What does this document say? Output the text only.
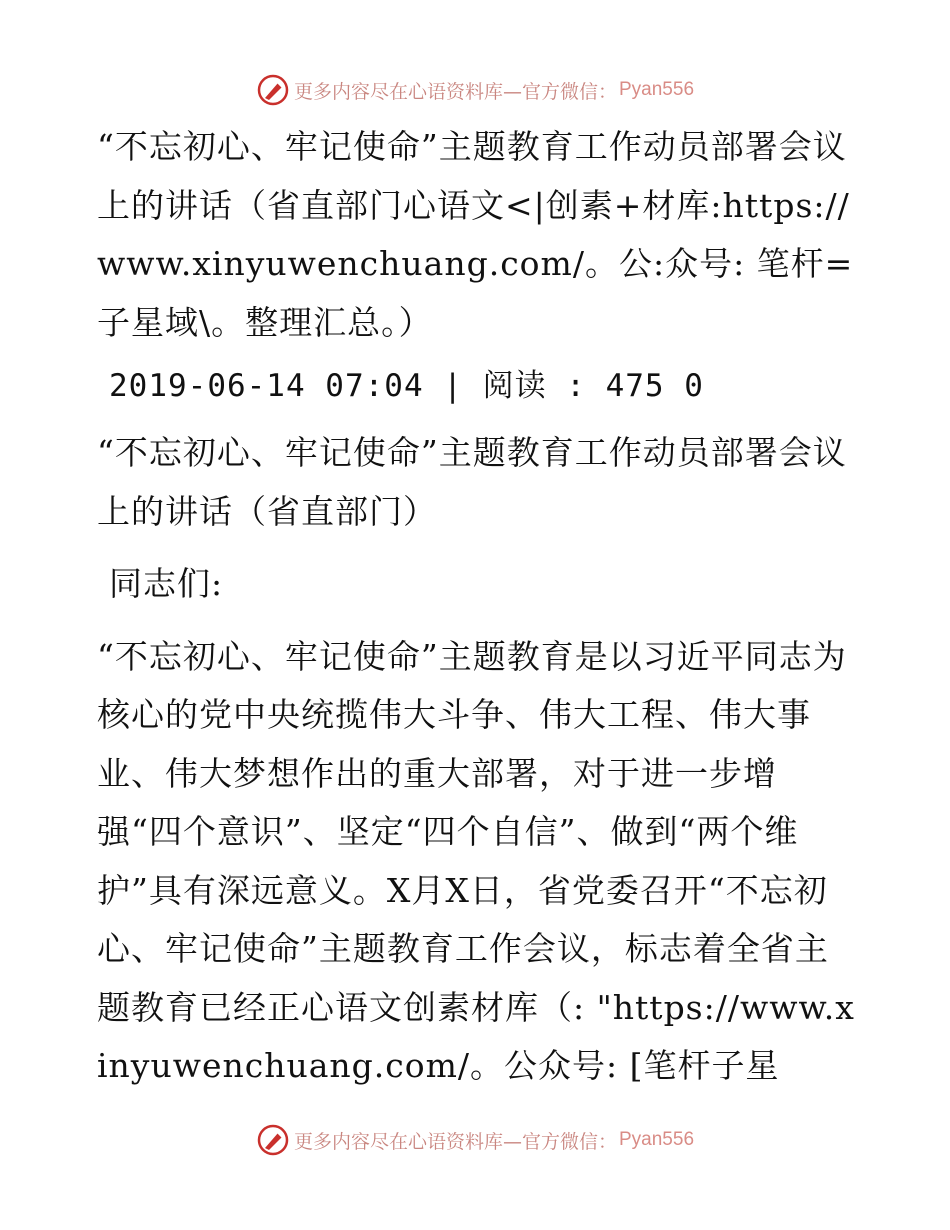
更多内容尽在心语资料库—官方微信： Pyan556

“不忘初心、牢记使命”主题教育工作动员部署会议上的讲话（省直部门心语文<|创素+材库:https://www.xinyuwenchuang.com/。公:众号: 笔杆=子星域\。整理汇总。）

2019-06-14 07:04 | 阅读 : 475 0

“不忘初心、牢记使命”主题教育工作动员部署会议上的讲话（省直部门）

同志们:

“不忘初心、牢记使命”主题教育是以习近平同志为核心的党中央统揽伟大斗争、伟大工程、伟大事业、伟大梦想作出的重大部署，对于进一步增强“四个意识”、坚定“四个自信”、做到“两个维护”具有深远意义。X月X日，省党委召开“不忘初心、牢记使命”主题教育工作会议，标志着全省主题教育已经正心语文创素材库（: "https://www.xinyuwenchuang.com/。公众号: [笔杆子星

更多内容尽在心语资料库—官方微信： Pyan556
